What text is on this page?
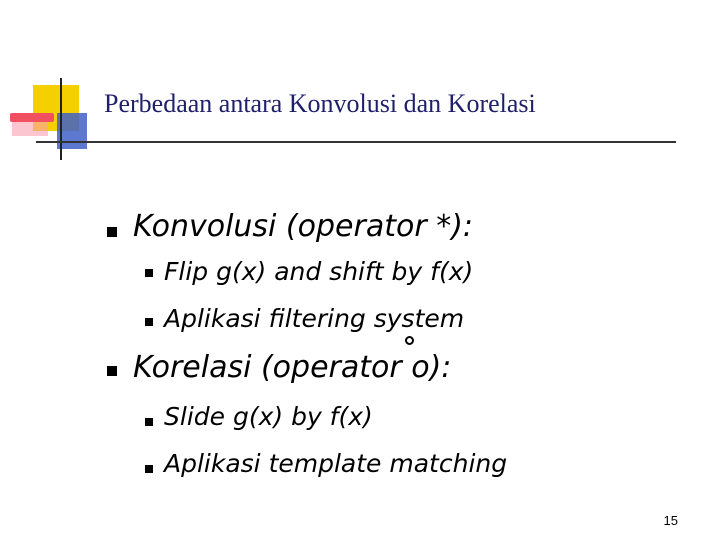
Perbedaan antara Konvolusi dan Korelasi
Konvolusi (operator *):
Flip g(x) and shift by f(x)
Aplikasi filtering system
Korelasi (operator o):
Slide g(x) by f(x)
Aplikasi template matching
15
